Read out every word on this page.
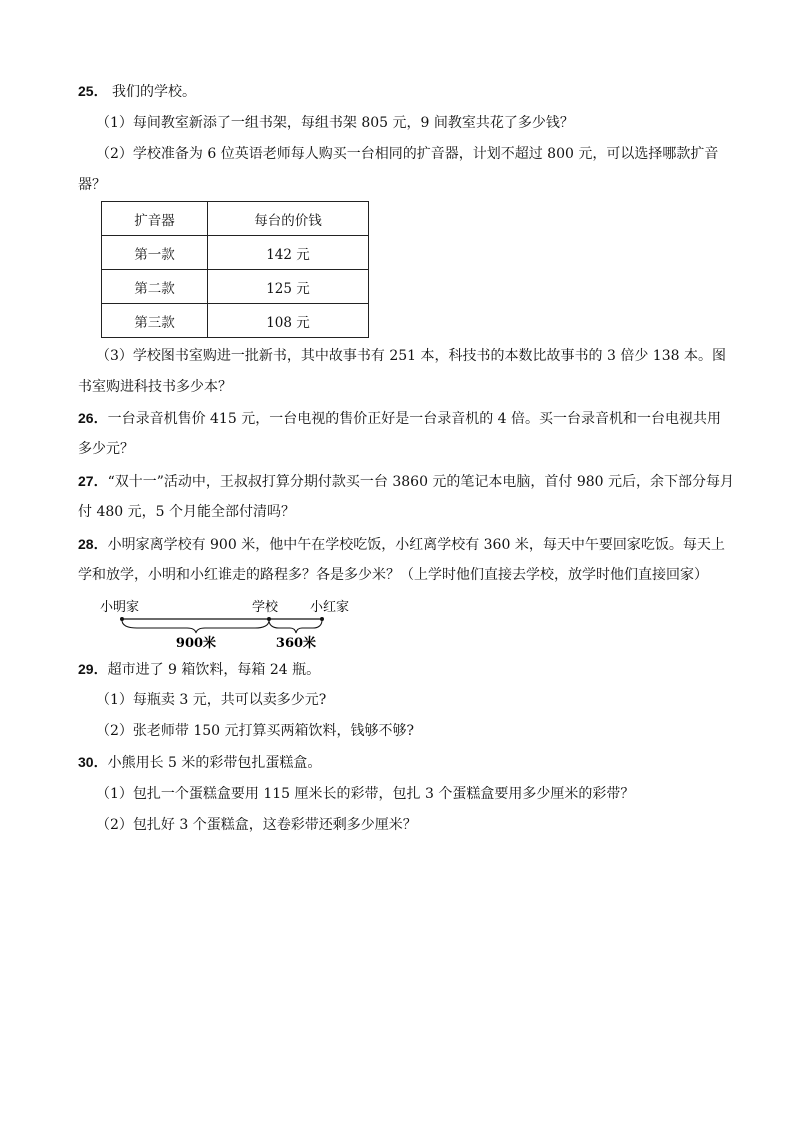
25． 我们的学校。
（1）每间教室新添了一组书架，每组书架 805 元，9 间教室共花了多少钱？
（2）学校准备为 6 位英语老师每人购买一台相同的扩音器，计划不超过 800 元，可以选择哪款扩音
器？
扩音器	每台的价钱
第一款	142 元
第二款	125 元
第三款	108 元
（3）学校图书室购进一批新书，其中故事书有 251 本，科技书的本数比故事书的 3 倍少 138 本。图
书室购进科技书多少本？
26．一台录音机售价 415 元，一台电视的售价正好是一台录音机的 4 倍。买一台录音机和一台电视共用
多少元？
27．“双十一”活动中，王叔叔打算分期付款买一台 3860 元的笔记本电脑，首付 980 元后，余下部分每月
付 480 元，5 个月能全部付清吗？
28．小明家离学校有 900 米，他中午在学校吃饭，小红离学校有 360 米，每天中午要回家吃饭。每天上
学和放学，小明和小红谁走的路程多？各是多少米？（上学时他们直接去学校，放学时他们直接回家）
小明家	学校 小红家
900米	360米
29．超市进了 9 箱饮料，每箱 24 瓶。
（1）每瓶卖 3 元，共可以卖多少元?
（2）张老师带 150 元打算买两箱饮料，钱够不够?
30．小熊用长 5 米的彩带包扎蛋糕盒。
（1）包扎一个蛋糕盒要用 115 厘米长的彩带，包扎 3 个蛋糕盒要用多少厘米的彩带？
（2）包扎好 3 个蛋糕盒，这卷彩带还剩多少厘米？
